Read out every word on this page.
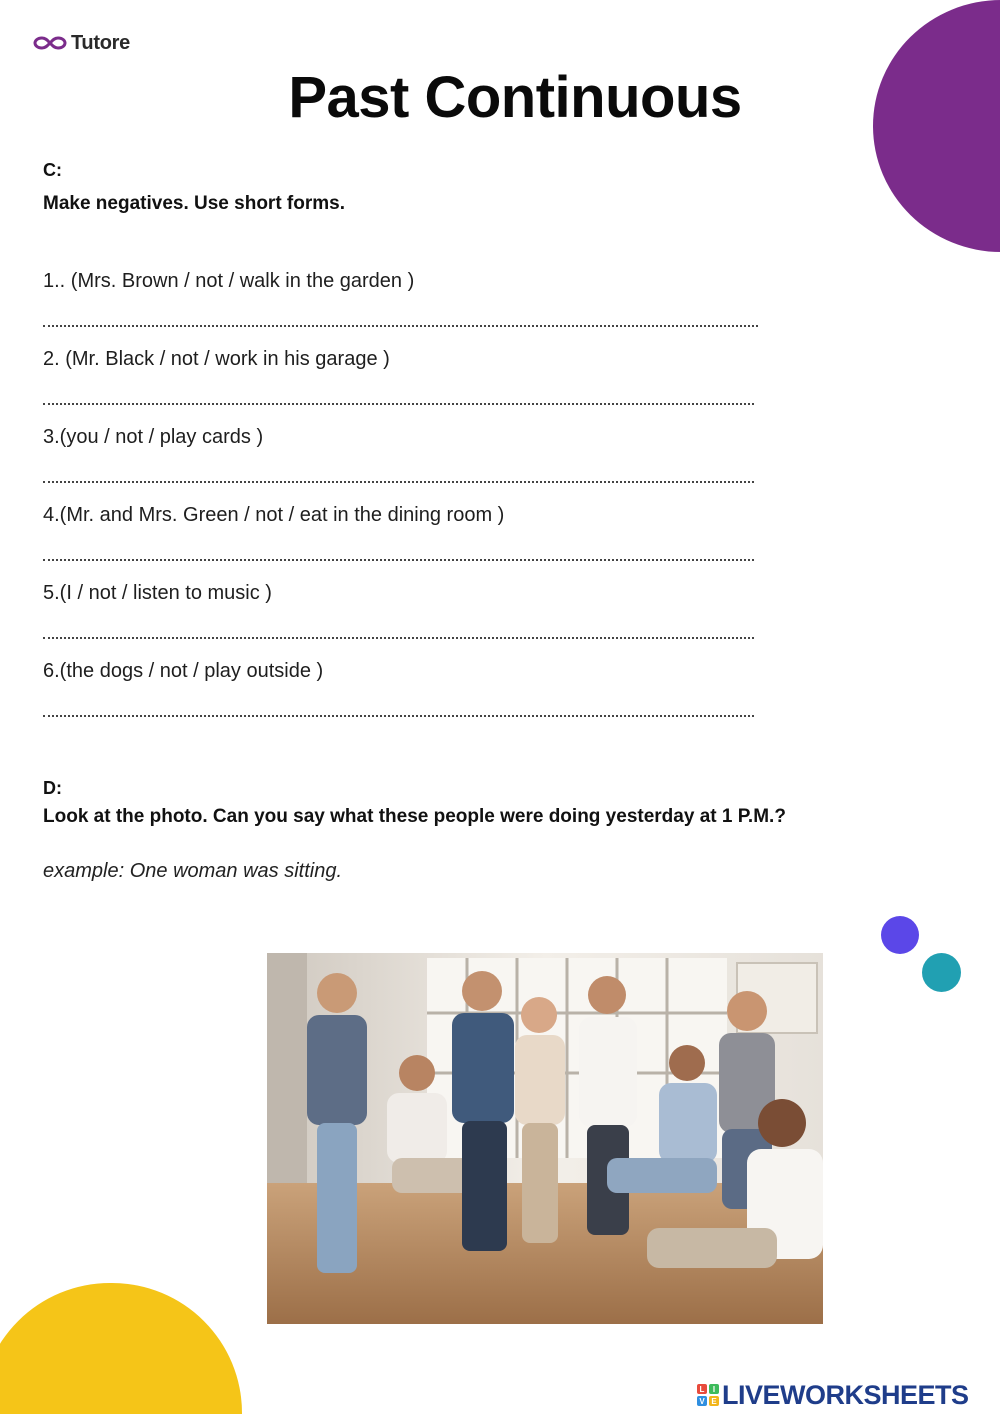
Tutore
Past Continuous
C:
Make negatives. Use short forms.
1.. (Mrs. Brown / not / walk in the garden )
2. (Mr. Black / not / work in his garage )
3.(you / not / play cards )
4.(Mr. and Mrs. Green / not / eat in the dining room )
5.(I / not / listen to music )
6.(the dogs / not / play outside )
D:
Look at the photo. Can you say what these people were doing yesterday at 1 P.M.?
example: One woman was sitting.
L	I
V E LIVEWORKSHEETS
